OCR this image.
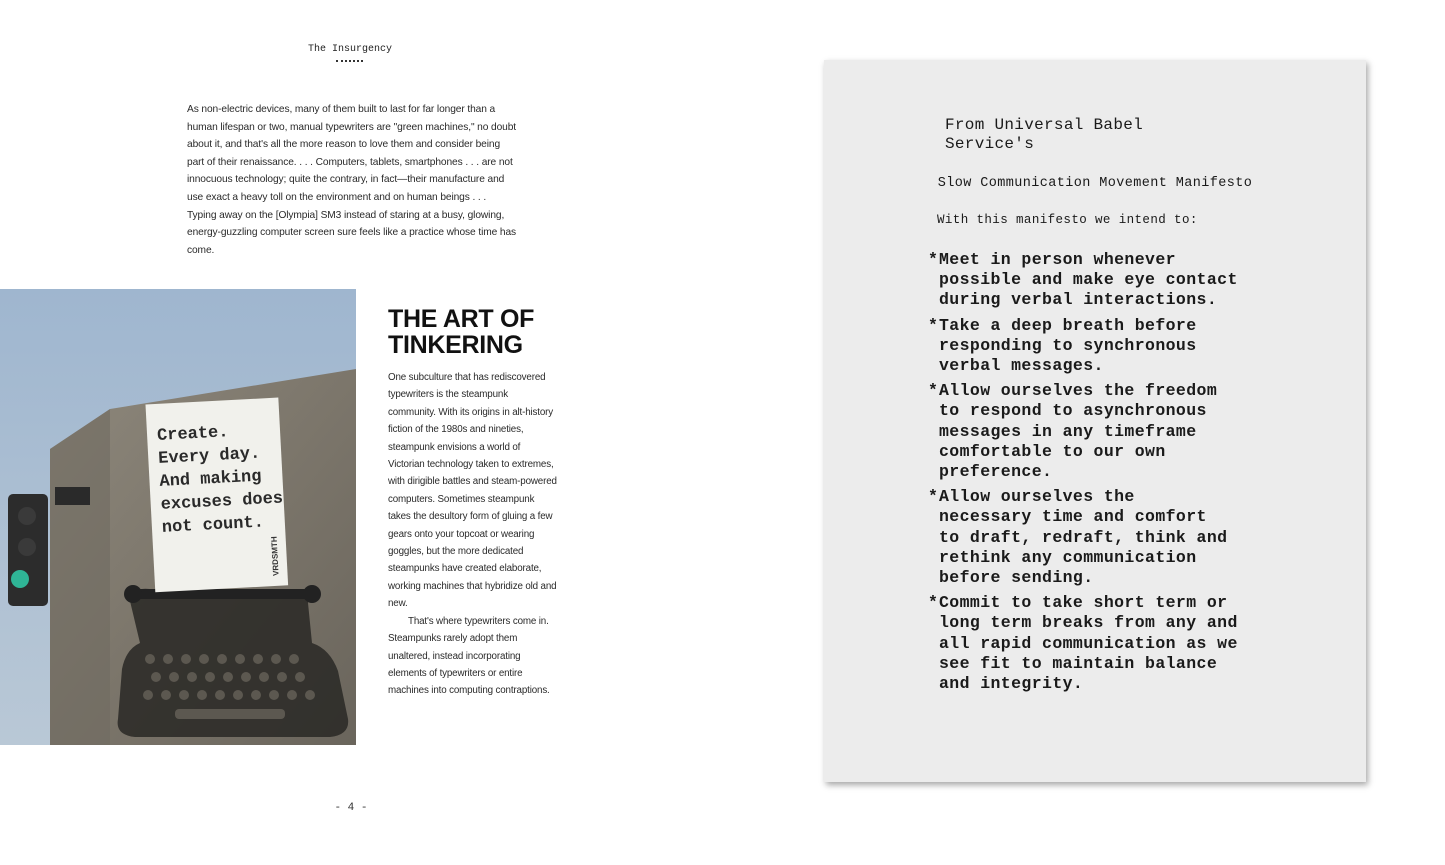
The Insurgency

As non-electric devices, many of them built to last for far longer than a human lifespan or two, manual typewriters are "green machines," no doubt about it, and that's all the more reason to love them and consider being part of their renaissance. . . . Computers, tablets, smartphones . . . are not innocuous technology; quite the contrary, in fact—their manufacture and use exact a heavy toll on the environment and on human beings . . . Typing away on the [Olympia] SM3 instead of staring at a busy, glowing, energy-guzzling computer screen sure feels like a practice whose time has come.

Create.
Every day.
And making
excuses does
not count.
VRDSMTH
THE ART OF
TINKERING

One subculture that has rediscovered typewriters is the steampunk community. With its origins in alt-history fiction of the 1980s and nineties, steampunk envisions a world of Victorian technology taken to extremes, with dirigible battles and steam-powered computers. Sometimes steampunk takes the desultory form of gluing a few gears onto your topcoat or wearing goggles, but the more dedicated steampunks have created elaborate, working machines that hybridize old and new.

That's where typewriters come in. Steampunks rarely adopt them unaltered, instead incorporating elements of typewriters or entire machines into computing contraptions.

- 4 -
From Universal Babel
Service's
Slow Communication Movement Manifesto
With this manifesto we intend to:
* Meet in person whenever
possible and make eye contact
during verbal interactions.
* Take a deep breath before
responding to synchronous
verbal messages.
* Allow ourselves the freedom
to respond to asynchronous
messages in any timeframe
comfortable to our own
preference.
* Allow ourselves the
necessary time and comfort
to draft, redraft, think and
rethink any communication
before sending.
* Commit to take short term or
long term breaks from any and
all rapid communication as we
see fit to maintain balance
and integrity.
